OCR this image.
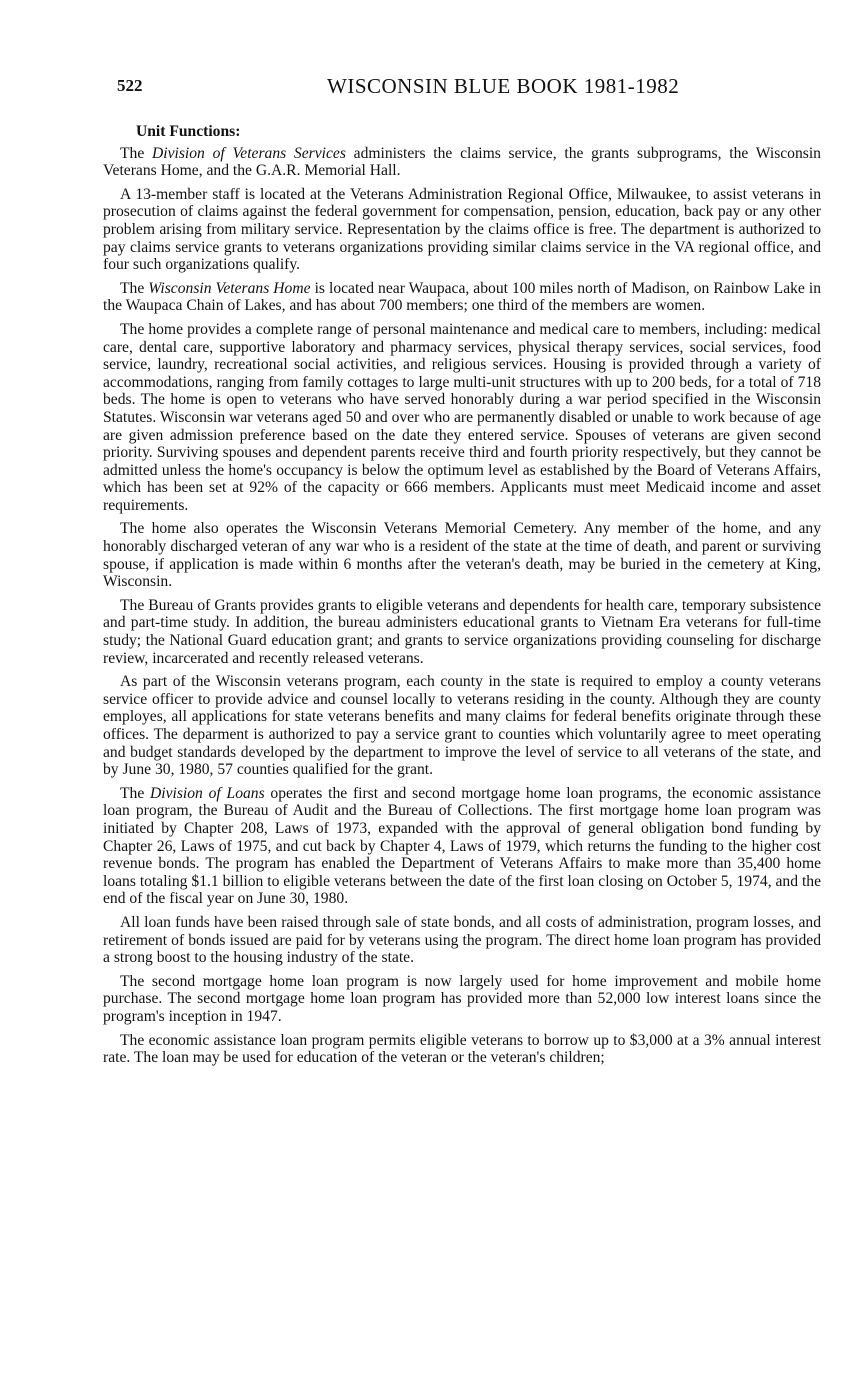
522	WISCONSIN BLUE BOOK 1981-1982

Unit Functions:

The Division of Veterans Services administers the claims service, the grants subprograms, the Wisconsin Veterans Home, and the G.A.R. Memorial Hall.

A 13-member staff is located at the Veterans Administration Regional Office, Milwaukee, to assist veterans in prosecution of claims against the federal government for compensation, pension, education, back pay or any other problem arising from military service. Representation by the claims office is free. The department is authorized to pay claims service grants to veterans organizations providing similar claims service in the VA regional office, and four such organizations qualify.

The Wisconsin Veterans Home is located near Waupaca, about 100 miles north of Madison, on Rainbow Lake in the Waupaca Chain of Lakes, and has about 700 members; one third of the members are women.

The home provides a complete range of personal maintenance and medical care to members, including: medical care, dental care, supportive laboratory and pharmacy services, physical therapy services, social services, food service, laundry, recreational social activities, and religious services. Housing is provided through a variety of accommodations, ranging from family cottages to large multi-unit structures with up to 200 beds, for a total of 718 beds. The home is open to veterans who have served honorably during a war period specified in the Wisconsin Statutes. Wisconsin war veterans aged 50 and over who are permanently disabled or unable to work because of age are given admission preference based on the date they entered service. Spouses of veterans are given second priority. Surviving spouses and dependent parents receive third and fourth priority respectively, but they cannot be admitted unless the home's occupancy is below the optimum level as established by the Board of Veterans Affairs, which has been set at 92% of the capacity or 666 members. Applicants must meet Medicaid income and asset requirements.

The home also operates the Wisconsin Veterans Memorial Cemetery. Any member of the home, and any honorably discharged veteran of any war who is a resident of the state at the time of death, and parent or surviving spouse, if application is made within 6 months after the veteran's death, may be buried in the cemetery at King, Wisconsin.

The Bureau of Grants provides grants to eligible veterans and dependents for health care, temporary subsistence and part-time study. In addition, the bureau administers educational grants to Vietnam Era veterans for full-time study; the National Guard education grant; and grants to service organizations providing counseling for discharge review, incarcerated and recently released veterans.

As part of the Wisconsin veterans program, each county in the state is required to employ a county veterans service officer to provide advice and counsel locally to veterans residing in the county. Although they are county employes, all applications for state veterans benefits and many claims for federal benefits originate through these offices. The deparment is authorized to pay a service grant to counties which voluntarily agree to meet operating and budget standards developed by the department to improve the level of service to all veterans of the state, and by June 30, 1980, 57 counties qualified for the grant.

The Division of Loans operates the first and second mortgage home loan programs, the economic assistance loan program, the Bureau of Audit and the Bureau of Collections. The first mortgage home loan program was initiated by Chapter 208, Laws of 1973, expanded with the approval of general obligation bond funding by Chapter 26, Laws of 1975, and cut back by Chapter 4, Laws of 1979, which returns the funding to the higher cost revenue bonds. The program has enabled the Department of Veterans Affairs to make more than 35,400 home loans totaling $1.1 billion to eligible veterans between the date of the first loan closing on October 5, 1974, and the end of the fiscal year on June 30, 1980.

All loan funds have been raised through sale of state bonds, and all costs of administration, program losses, and retirement of bonds issued are paid for by veterans using the program. The direct home loan program has provided a strong boost to the housing industry of the state.

The second mortgage home loan program is now largely used for home improvement and mobile home purchase. The second mortgage home loan program has provided more than 52,000 low interest loans since the program's inception in 1947.

The economic assistance loan program permits eligible veterans to borrow up to $3,000 at a 3% annual interest rate. The loan may be used for education of the veteran or the veteran's children;
